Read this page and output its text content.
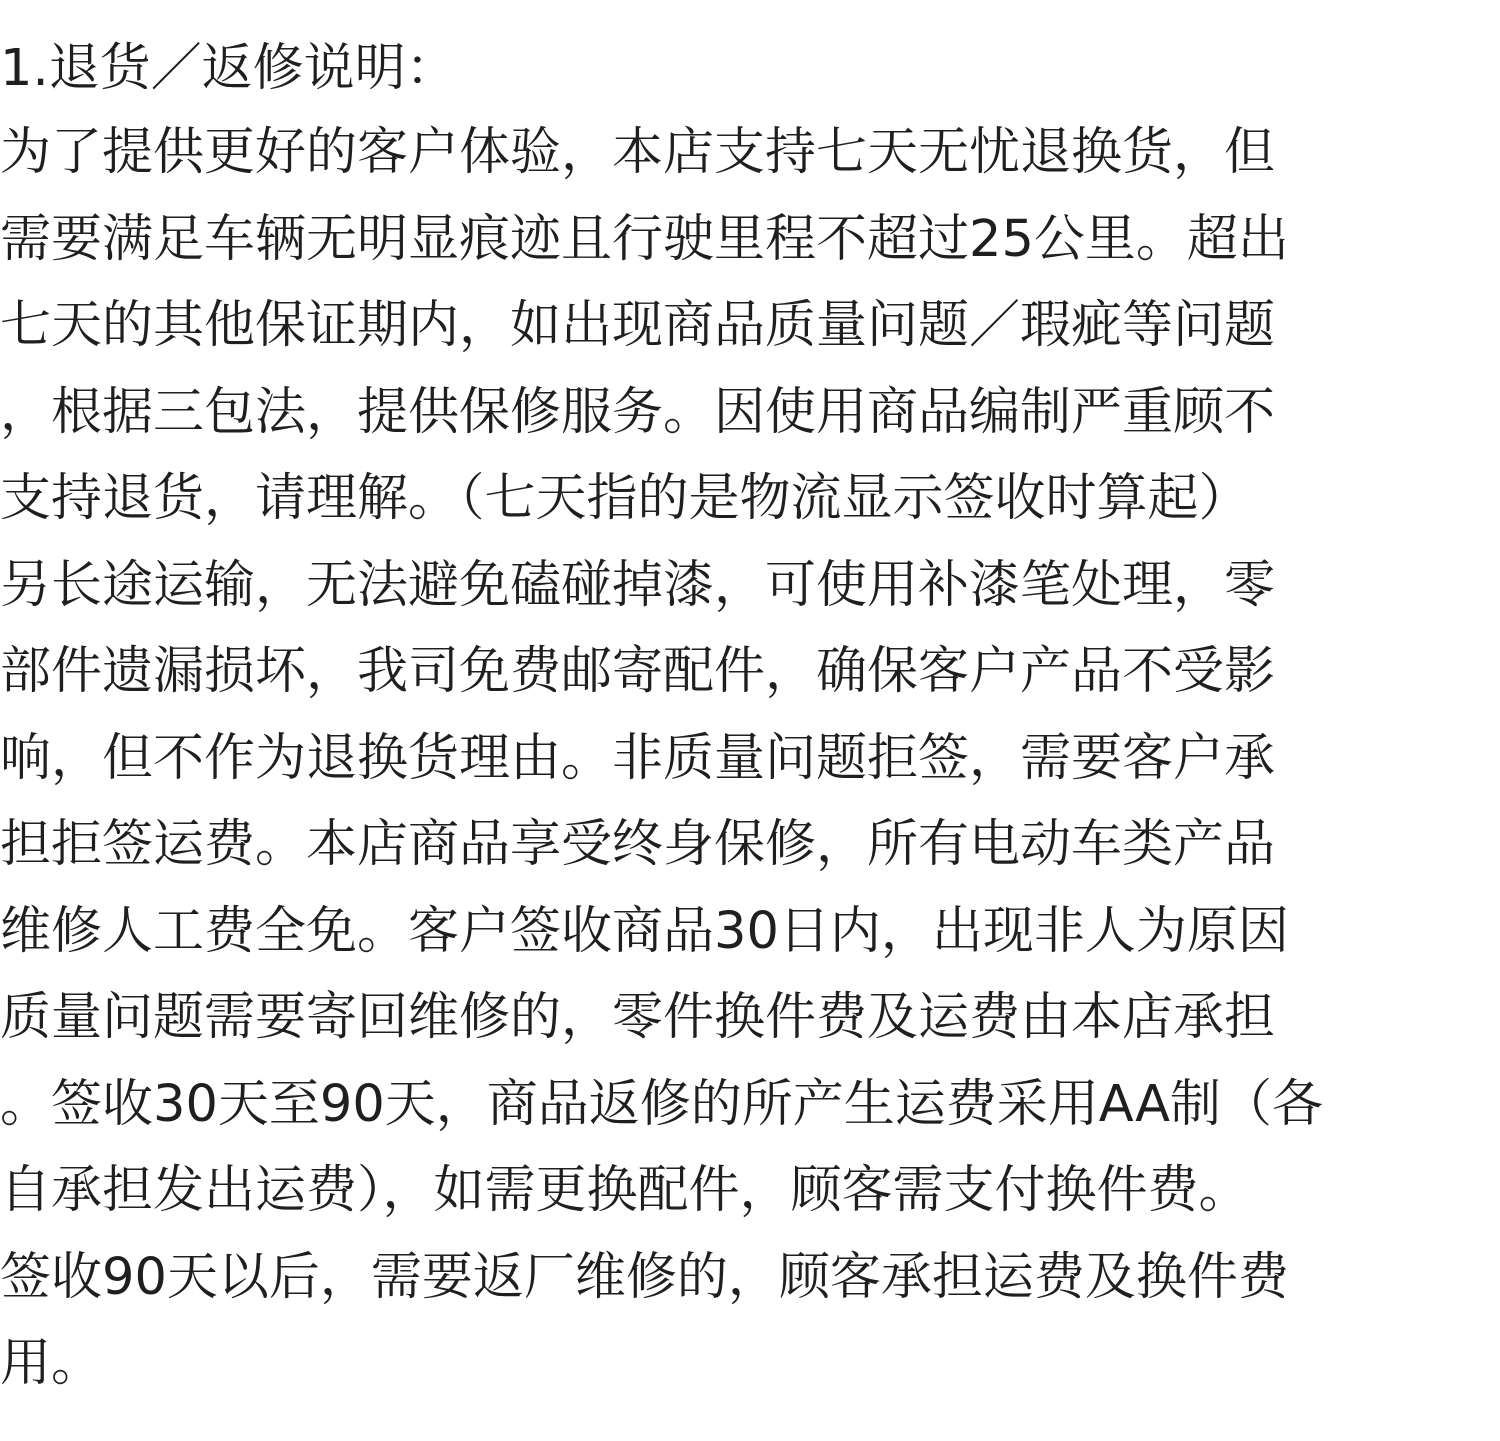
1.退货／返修说明：
为了提供更好的客户体验，本店支持七天无忧退换货，但
需要满足车辆无明显痕迹且行驶里程不超过25公里。超出
七天的其他保证期内，如出现商品质量问题／瑕疵等问题
，根据三包法，提供保修服务。因使用商品编制严重顾不
支持退货，请理解。（七天指的是物流显示签收时算起）
另长途运输，无法避免磕碰掉漆，可使用补漆笔处理，零
部件遗漏损坏，我司免费邮寄配件，确保客户产品不受影
响，但不作为退换货理由。非质量问题拒签，需要客户承
担拒签运费。本店商品享受终身保修，所有电动车类产品
维修人工费全免。客户签收商品30日内，出现非人为原因
质量问题需要寄回维修的，零件换件费及运费由本店承担
。签收30天至90天，商品返修的所产生运费采用AA制（各
自承担发出运费），如需更换配件，顾客需支付换件费。
签收90天以后，需要返厂维修的，顾客承担运费及换件费
用。
